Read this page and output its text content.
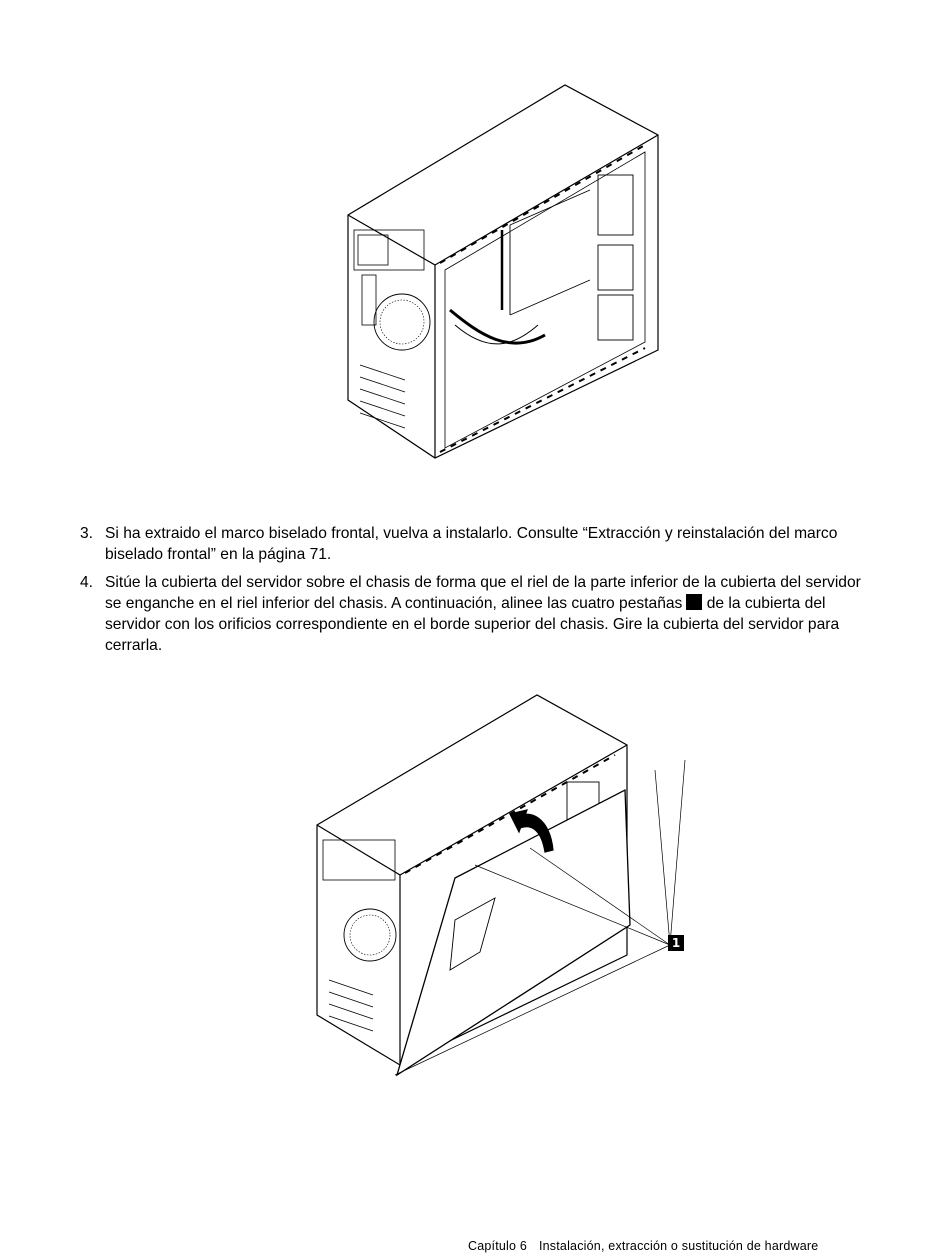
3. Si ha extraido el marco biselado frontal, vuelva a instalarlo. Consulte “Extracción y reinstalación del marco biselado frontal” en la página 71.
4. Sitúe la cubierta del servidor sobre el chasis de forma que el riel de la parte inferior de la cubierta del servidor se enganche en el riel inferior del chasis. A continuación, alinee las cuatro pestañas de la cubierta del servidor con los orificios correspondiente en el borde superior del chasis. Gire la cubierta del servidor para cerrarla.
1
Capítulo 6 Instalación, extracción o sustitución de hardware
